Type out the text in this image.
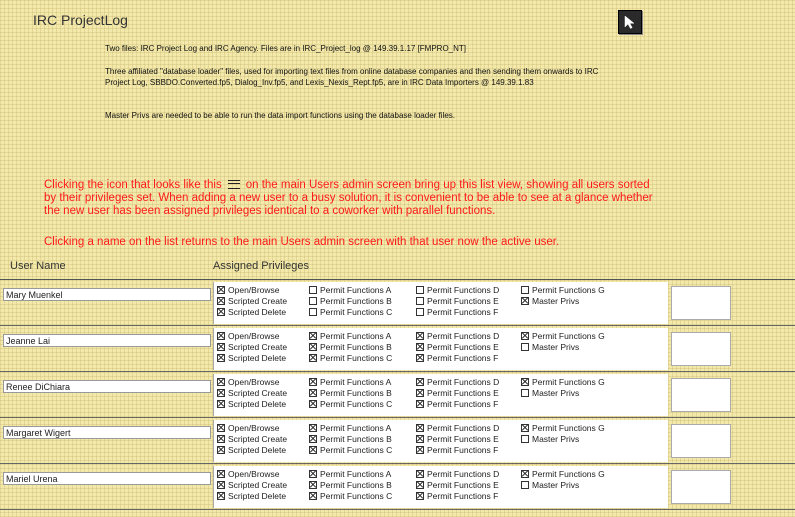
IRC ProjectLog
Two files: IRC Project Log and IRC Agency. Files are in IRC_Project_log @ 149.39.1.17 [FMPRO_NT]
Three affiliated "database loader" files, used for importing text files from online database companies and then sending them onwards to IRC Project Log, SBBDO.Converted.fp5, Dialog_Inv.fp5, and Lexis_Nexis_Rept.fp5, are in IRC Data Importers @ 149.39.1.83
Master Privs are needed to be able to run the data import functions using the database loader files.
Clicking the icon that looks like this on the main Users admin screen bring up this list view, showing all users sorted by their privileges set. When adding a new user to a busy solution, it is convenient to be able to see at a glance whether the new user has been assigned privileges identical to a coworker with parallel functions.
Clicking a name on the list returns to the main Users admin screen with that user now the active user.
User Name	Assigned Privileges
Mary Muenkel
Open/Browse
Scripted Create
Scripted Delete
Permit Functions A
Permit Functions B
Permit Functions C
Permit Functions D
Permit Functions E
Permit Functions F
Permit Functions G
Master Privs
Jeanne Lai
Open/Browse
Scripted Create
Scripted Delete
Permit Functions A
Permit Functions B
Permit Functions C
Permit Functions D
Permit Functions E
Permit Functions F
Permit Functions G
Master Privs
Renee DiChiara
Open/Browse
Scripted Create
Scripted Delete
Permit Functions A
Permit Functions B
Permit Functions C
Permit Functions D
Permit Functions E
Permit Functions F
Permit Functions G
Master Privs
Margaret Wigert
Open/Browse
Scripted Create
Scripted Delete
Permit Functions A
Permit Functions B
Permit Functions C
Permit Functions D
Permit Functions E
Permit Functions F
Permit Functions G
Master Privs
Mariel Urena
Open/Browse
Scripted Create
Scripted Delete
Permit Functions A
Permit Functions B
Permit Functions C
Permit Functions D
Permit Functions E
Permit Functions F
Permit Functions G
Master Privs
